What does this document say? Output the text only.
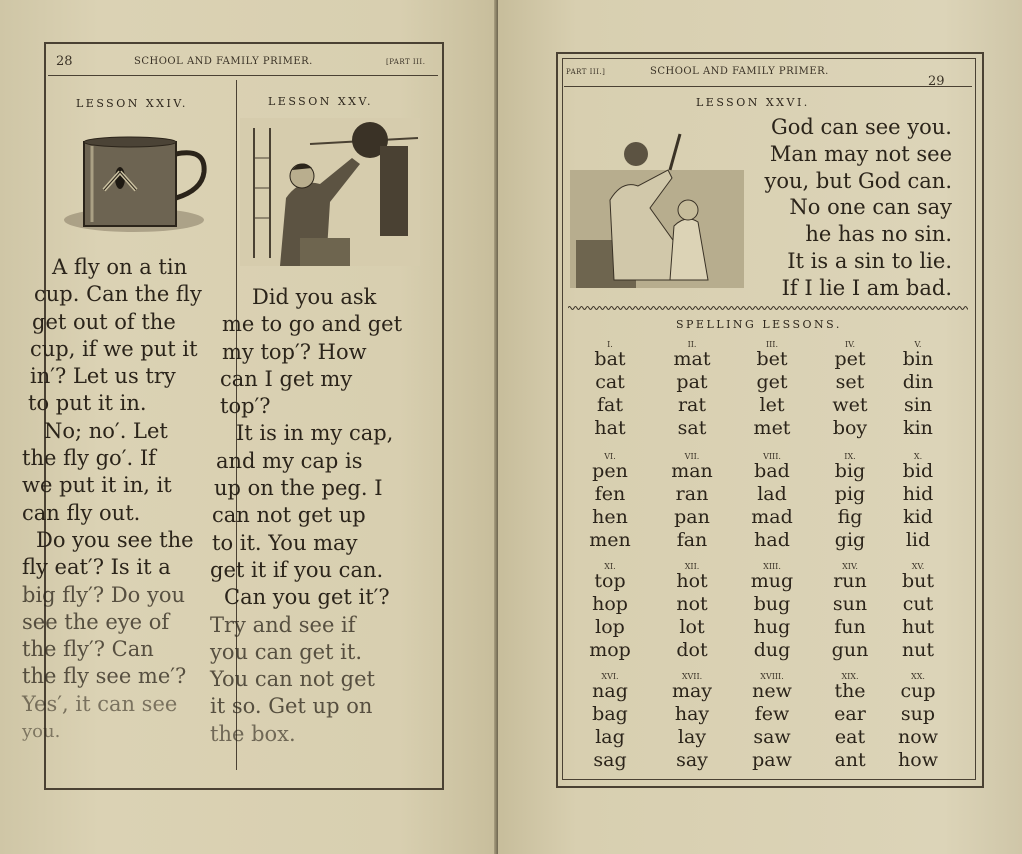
28	SCHOOL AND FAMILY PRIMER.	[PART III.
LESSON XXIV.	LESSON XXV.

A fly on a tin

cup. Can the fly

get out of the

cup, if we put it

in′? Let us try

to put it in.

No; no′. Let

the fly go′. If

we put it in, it

can fly out.

Do you see the

fly eat′? Is it a

big fly′? Do you

see the eye of

the fly′? Can

the fly see me′?

Yes′, it can see

you.

Did you ask

me to go and get

my top′? How

can I get my

top′?

It is in my cap,

and my cap is

up on the peg. I

can not get up

to it. You may

get it if you can.

Can you get it′?

Try and see if

you can get it.

You can not get

it so. Get up on

the box.

PART III.]	SCHOOL AND FAMILY PRIMER.
29
LESSON XXVI.

God can see you.

Man may not see

you, but God can.

No one can say

he has no sin.

It is a sin to lie.

If I lie I am bad.

SPELLING LESSONS.
I.	II.	III.	IV.	V.
bat	mat	bet	pet	bin
cat	pat	get	set	din
fat	rat	let	wet	sin
hat	sat	met	boy	kin
VI.	VII.	VIII.	IX.	X.
pen	man	bad	big	bid
fen	ran	lad	pig	hid
hen	pan	mad	fig	kid
men	fan	had	gig	lid
XI.	XII.	XIII.	XIV.	XV.
top	hot	mug	run	but
hop	not	bug	sun	cut
lop	lot	hug	fun	hut
mop	dot	dug	gun	nut
XVI.	XVII.	XVIII.	XIX.	XX.
nag	may	new	the	cup
bag	hay	few	ear	sup
lag	lay	saw	eat	now
sag	say	paw	ant	how
